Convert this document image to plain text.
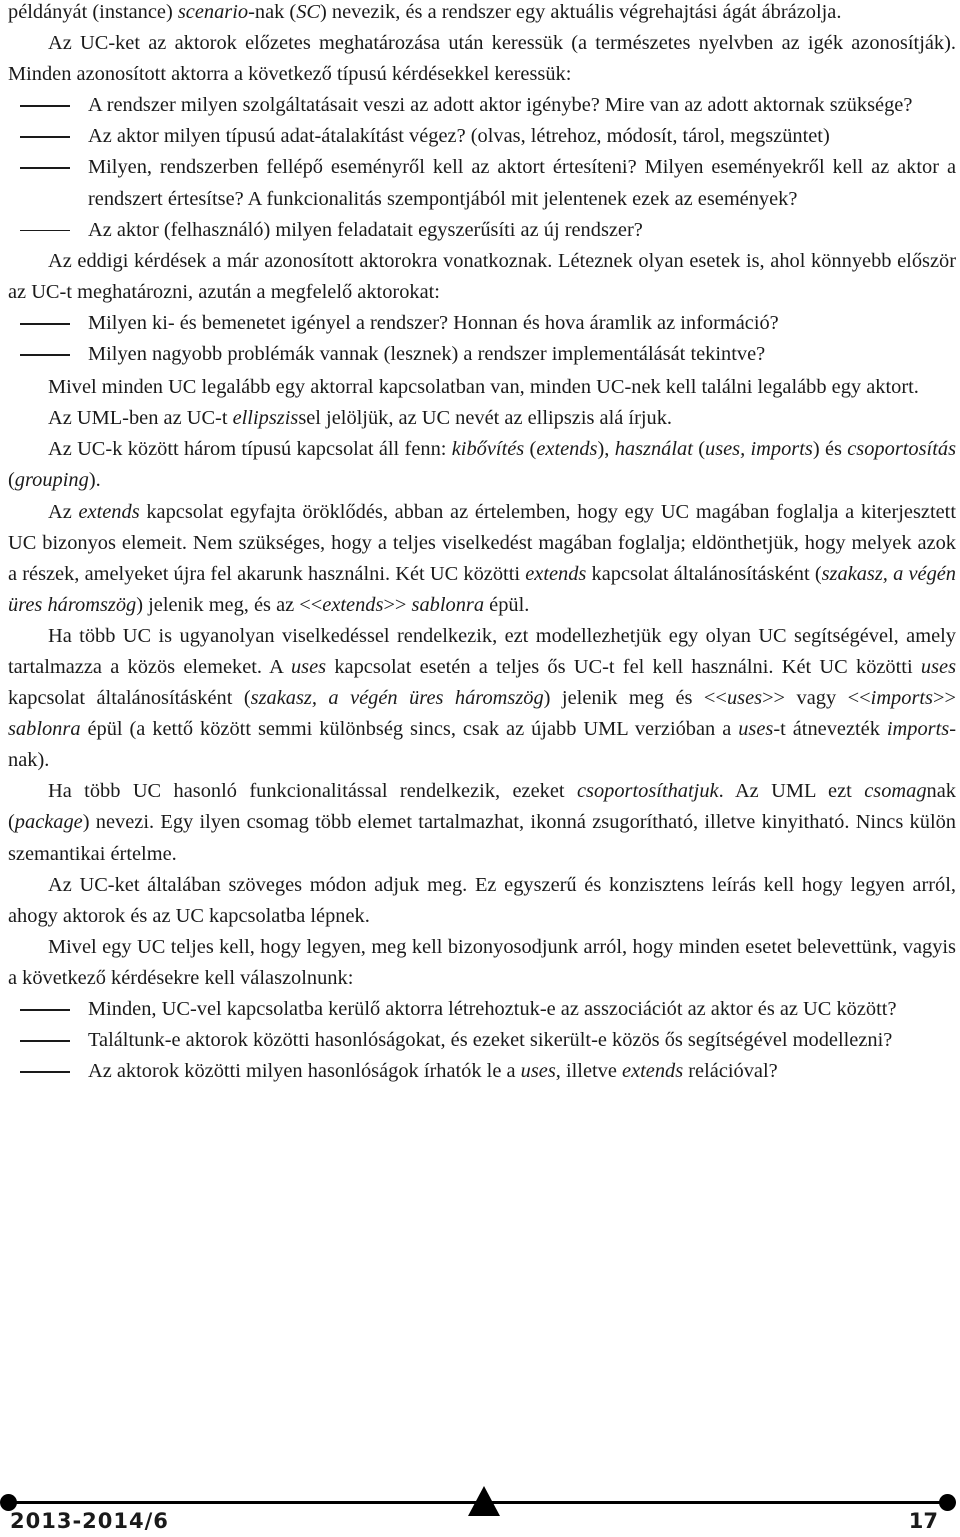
példányát (instance) scenario-nak (SC) nevezik, és a rendszer egy aktuális végrehajtási ágát ábrázolja.

Az UC-ket az aktorok előzetes meghatározása után keressük (a természetes nyelvben az igék azonosítják). Minden azonosított aktorra a következő típusú kérdésekkel keressük:

A rendszer milyen szolgáltatásait veszi az adott aktor igénybe? Mire van az adott aktornak szüksége?
Az aktor milyen típusú adat-átalakítást végez? (olvas, létrehoz, módosít, tárol, megszüntet)
Milyen, rendszerben fellépő eseményről kell az aktort értesíteni? Milyen eseményekről kell az aktor a rendszert értesítse? A funkcionalitás szempontjából mit jelentenek ezek az események?
Az aktor (felhasználó) milyen feladatait egyszerűsíti az új rendszer?

Az eddigi kérdések a már azonosított aktorokra vonatkoznak. Léteznek olyan esetek is, ahol könnyebb először az UC-t meghatározni, azután a megfelelő aktorokat:

Milyen ki- és bemenetet igényel a rendszer? Honnan és hova áramlik az információ?
Milyen nagyobb problémák vannak (lesznek) a rendszer implementálását tekintve?

Mivel minden UC legalább egy aktorral kapcsolatban van, minden UC-nek kell találni legalább egy aktort.

Az UML-ben az UC-t ellipszissel jelöljük, az UC nevét az ellipszis alá írjuk.

Az UC-k között három típusú kapcsolat áll fenn: kibővítés (extends), használat (uses, imports) és csoportosítás (grouping).

Az extends kapcsolat egyfajta öröklődés, abban az értelemben, hogy egy UC magában foglalja a kiterjesztett UC bizonyos elemeit. Nem szükséges, hogy a teljes viselkedést magában foglalja; eldönthetjük, hogy melyek azok a részek, amelyeket újra fel akarunk használni. Két UC közötti extends kapcsolat általánosításként (szakasz, a végén üres háromszög) jelenik meg, és az <<extends>> sablonra épül.

Ha több UC is ugyanolyan viselkedéssel rendelkezik, ezt modellezhetjük egy olyan UC segítségével, amely tartalmazza a közös elemeket. A uses kapcsolat esetén a teljes ős UC-t fel kell használni. Két UC közötti uses kapcsolat általánosításként (szakasz, a végén üres háromszög) jelenik meg és <<uses>> vagy <<imports>> sablonra épül (a kettő között semmi különbség sincs, csak az újabb UML verzióban a uses-t átnevezték imports-nak).

Ha több UC hasonló funkcionalitással rendelkezik, ezeket csoportosíthatjuk. Az UML ezt csomagnak (package) nevezi. Egy ilyen csomag több elemet tartalmazhat, ikonná zsugorítható, illetve kinyitható. Nincs külön szemantikai értelme.

Az UC-ket általában szöveges módon adjuk meg. Ez egyszerű és konzisztens leírás kell hogy legyen arról, ahogy aktorok és az UC kapcsolatba lépnek.

Mivel egy UC teljes kell, hogy legyen, meg kell bizonyosodjunk arról, hogy minden esetet belevettünk, vagyis a következő kérdésekre kell válaszolnunk:

Minden, UC-vel kapcsolatba kerülő aktorra létrehoztuk-e az asszociációt az aktor és az UC között?
Találtunk-e aktorok közötti hasonlóságokat, és ezeket sikerült-e közös ős segítségével modellezni?
Az aktorok közötti milyen hasonlóságok írhatók le a uses, illetve extends relációval?
2013-2014/6	17
